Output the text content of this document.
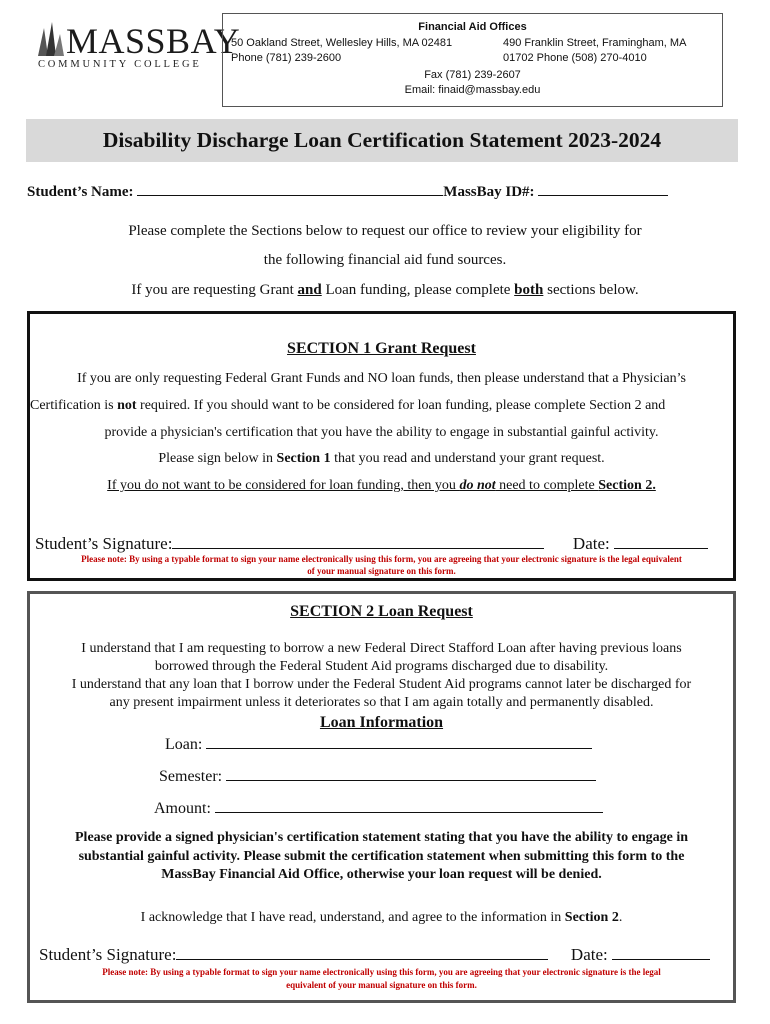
MASSBAY
COMMUNITY COLLEGE
Financial Aid Offices
50 Oakland Street, Wellesley Hills, MA 02481
Phone (781) 239-2600
490 Franklin Street, Framingham, MA
01702 Phone (508) 270-4010
Fax (781) 239-2607
Email: finaid@massbay.edu
Disability Discharge Loan Certification Statement 2023-2024
Student’s Name:	MassBay ID#:
Please complete the Sections below to request our office to review your eligibility for
the following financial aid fund sources.
If you are requesting Grant and Loan funding, please complete both sections below.
SECTION 1 Grant Request
If you are only requesting Federal Grant Funds and NO loan funds, then please understand that a Physician’s
Certification is not required. If you should want to be considered for loan funding, please complete Section 2 and
provide a physician's certification that you have the ability to engage in substantial gainful activity.
Please sign below in Section 1 that you read and understand your grant request.
If you do not want to be considered for loan funding, then you do not need to complete Section 2.
Student’s Signature:	Date:
Please note: By using a typable format to sign your name electronically using this form, you are agreeing that your electronic signature is the legal equivalent
of your manual signature on this form.
SECTION 2 Loan Request
I understand that I am requesting to borrow a new Federal Direct Stafford Loan after having previous loans
borrowed through the Federal Student Aid programs discharged due to disability.
I understand that any loan that I borrow under the Federal Student Aid programs cannot later be discharged for
any present impairment unless it deteriorates so that I am again totally and permanently disabled.
Loan Information
Loan:
Semester:
Amount:
Please provide a signed physician's certification statement stating that you have the ability to engage in
substantial gainful activity. Please submit the certification statement when submitting this form to the
MassBay Financial Aid Office, otherwise your loan request will be denied.
I acknowledge that I have read, understand, and agree to the information in Section 2.
Student’s Signature:	Date:
Please note: By using a typable format to sign your name electronically using this form, you are agreeing that your electronic signature is the legal
equivalent of your manual signature on this form.
